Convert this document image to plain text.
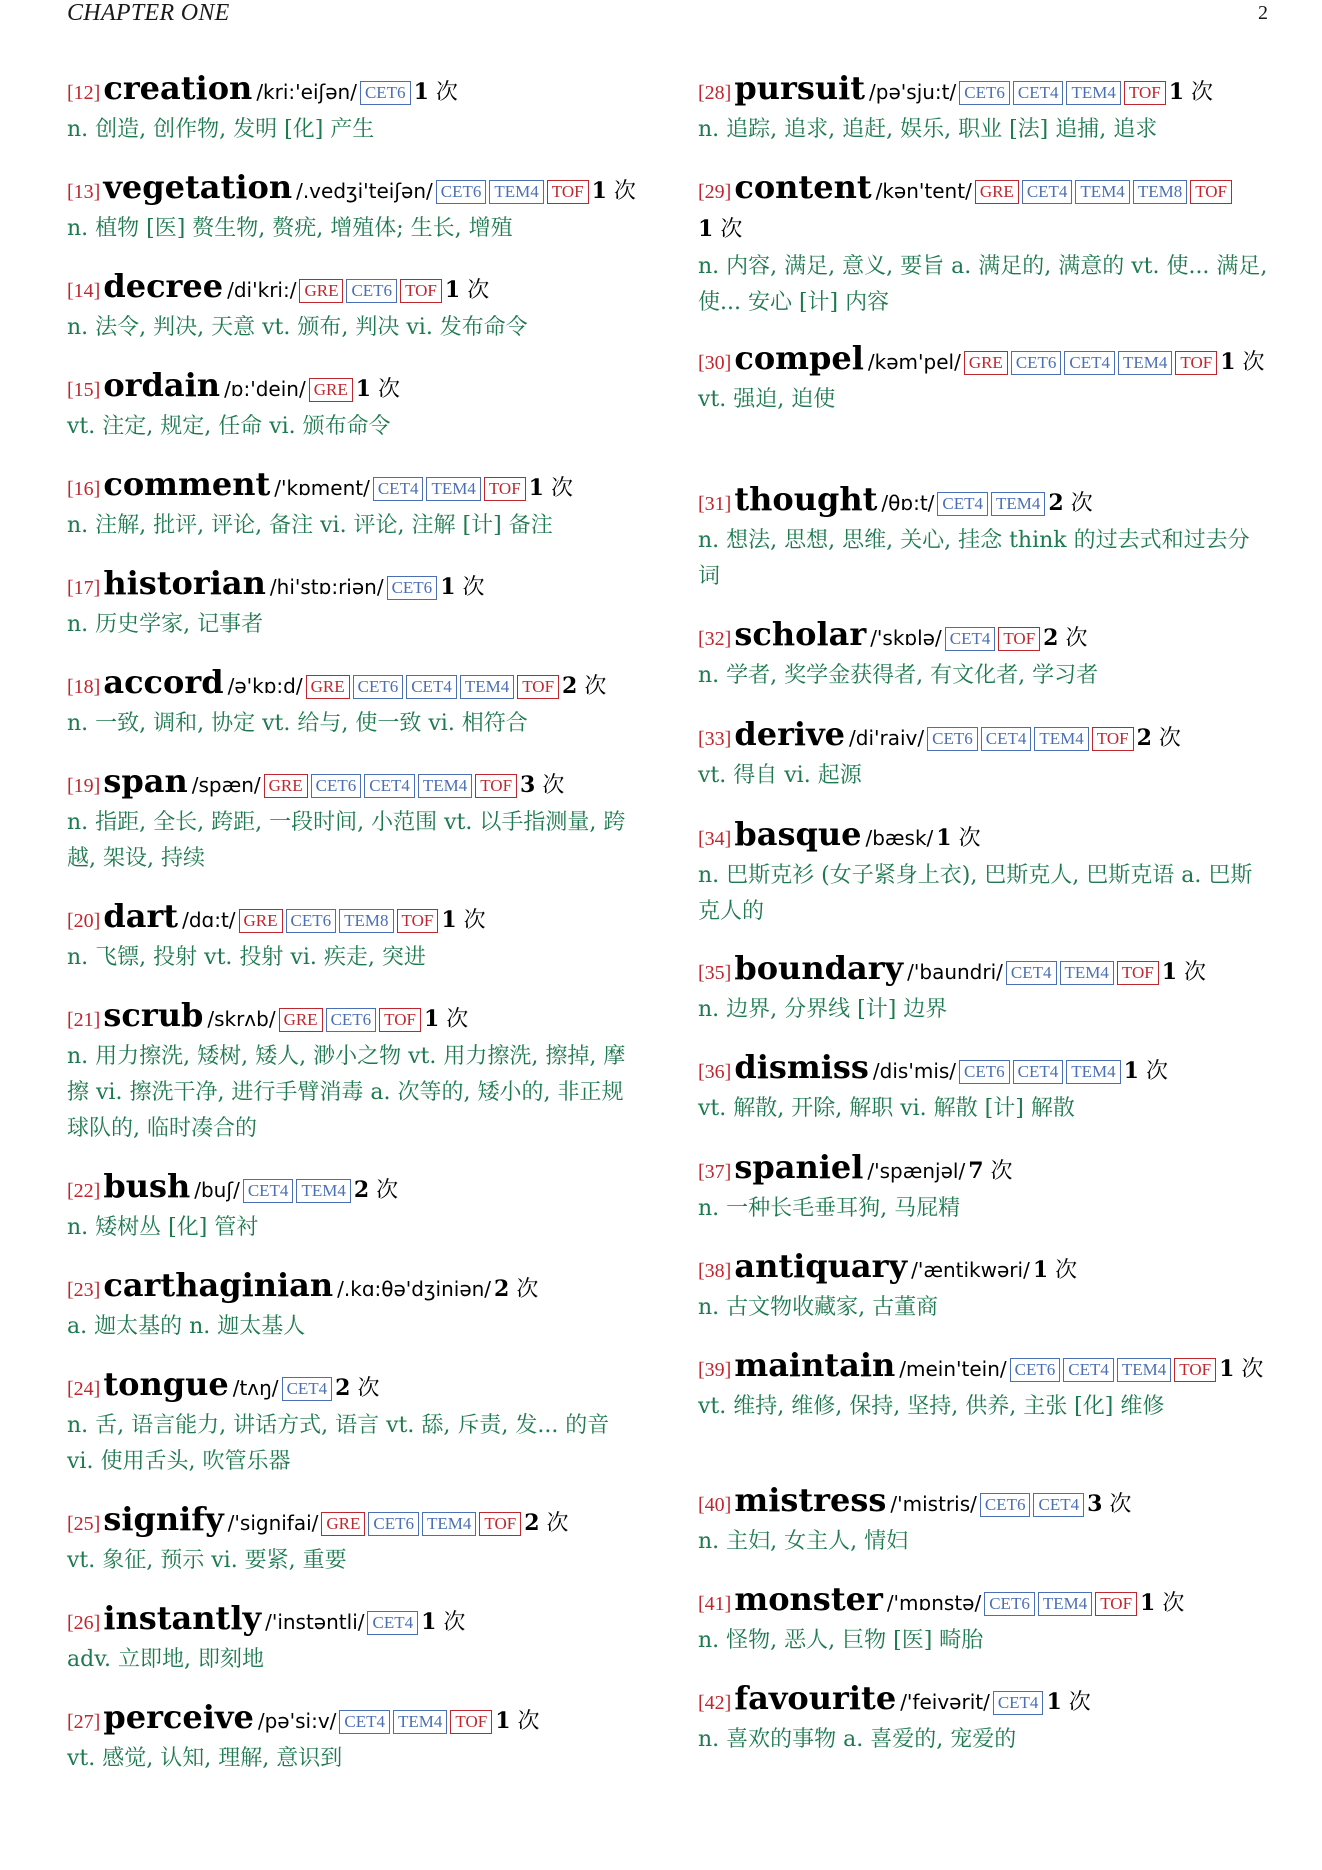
CHAPTER ONE	2
[12]creation /kri:'eiʃən/ CET6 1 次
n. 创造, 创作物, 发明 [化] 产生
[13]vegetation /.vedʒi'teiʃən/ CET6 TEM4 TOF 1 次
n. 植物 [医] 赘生物, 赘疣, 增殖体; 生长, 增殖
[14]decree /di'kri:/ GRE CET6 TOF 1 次
n. 法令, 判决, 天意 vt. 颁布, 判决 vi. 发布命令
[15]ordain /ɒ:'dein/ GRE 1 次
vt. 注定, 规定, 任命 vi. 颁布命令
[16]comment /'kɒment/ CET4 TEM4 TOF 1 次
n. 注解, 批评, 评论, 备注 vi. 评论, 注解 [计] 备注
[17]historian /hi'stɒ:riən/ CET6 1 次
n. 历史学家, 记事者
[18]accord /ə'kɒ:d/ GRE CET6 CET4 TEM4 TOF 2 次
n. 一致, 调和, 协定 vt. 给与, 使一致 vi. 相符合
[19]span /spæn/ GRE CET6 CET4 TEM4 TOF 3 次
n. 指距, 全长, 跨距, 一段时间, 小范围 vt. 以手指测量, 跨越, 架设, 持续
[20]dart /dɑ:t/ GRE CET6 TEM8 TOF 1 次
n. 飞镖, 投射 vt. 投射 vi. 疾走, 突进
[21]scrub /skrʌb/ GRE CET6 TOF 1 次
n. 用力擦洗, 矮树, 矮人, 渺小之物 vt. 用力擦洗, 擦掉, 摩擦 vi. 擦洗干净, 进行手臂消毒 a. 次等的, 矮小的, 非正规球队的, 临时凑合的
[22]bush /buʃ/ CET4 TEM4 2 次
n. 矮树丛 [化] 管衬
[23]carthaginian /.kɑ:θə'dʒiniən/ 2 次
a. 迦太基的 n. 迦太基人
[24]tongue /tʌŋ/ CET4 2 次
n. 舌, 语言能力, 讲话方式, 语言 vt. 舔, 斥责, 发... 的音 vi. 使用舌头, 吹管乐器
[25]signify /'signifai/ GRE CET6 TEM4 TOF 2 次
vt. 象征, 预示 vi. 要紧, 重要
[26]instantly /'instəntli/ CET4 1 次
adv. 立即地, 即刻地
[27]perceive /pə'si:v/ CET4 TEM4 TOF 1 次
vt. 感觉, 认知, 理解, 意识到
[28]pursuit /pə'sju:t/ CET6 CET4 TEM4 TOF 1 次
n. 追踪, 追求, 追赶, 娱乐, 职业 [法] 追捕, 追求
[29]content /kən'tent/ GRE CET4 TEM4 TEM8 TOF1 次
n. 内容, 满足, 意义, 要旨 a. 满足的, 满意的 vt. 使... 满足, 使... 安心 [计] 内容
[30]compel /kəm'pel/ GRE CET6 CET4 TEM4 TOF 1 次
vt. 强迫, 迫使
[31]thought /θɒ:t/ CET4 TEM4 2 次
n. 想法, 思想, 思维, 关心, 挂念 think 的过去式和过去分词
[32]scholar /'skɒlə/ CET4 TOF 2 次
n. 学者, 奖学金获得者, 有文化者, 学习者
[33]derive /di'raiv/ CET6 CET4 TEM4 TOF 2 次
vt. 得自 vi. 起源
[34]basque /bæsk/ 1 次
n. 巴斯克衫 (女子紧身上衣), 巴斯克人, 巴斯克语 a. 巴斯克人的
[35]boundary /'baundri/ CET4 TEM4 TOF 1 次
n. 边界, 分界线 [计] 边界
[36]dismiss /dis'mis/ CET6 CET4 TEM4 1 次
vt. 解散, 开除, 解职 vi. 解散 [计] 解散
[37]spaniel /'spænjəl/ 7 次
n. 一种长毛垂耳狗, 马屁精
[38]antiquary /'æntikwəri/ 1 次
n. 古文物收藏家, 古董商
[39]maintain /mein'tein/ CET6 CET4 TEM4 TOF 1 次
vt. 维持, 维修, 保持, 坚持, 供养, 主张 [化] 维修
[40]mistress /'mistris/ CET6 CET4 3 次
n. 主妇, 女主人, 情妇
[41]monster /'mɒnstə/ CET6 TEM4 TOF 1 次
n. 怪物, 恶人, 巨物 [医] 畸胎
[42]favourite /'feivərit/ CET4 1 次
n. 喜欢的事物 a. 喜爱的, 宠爱的
